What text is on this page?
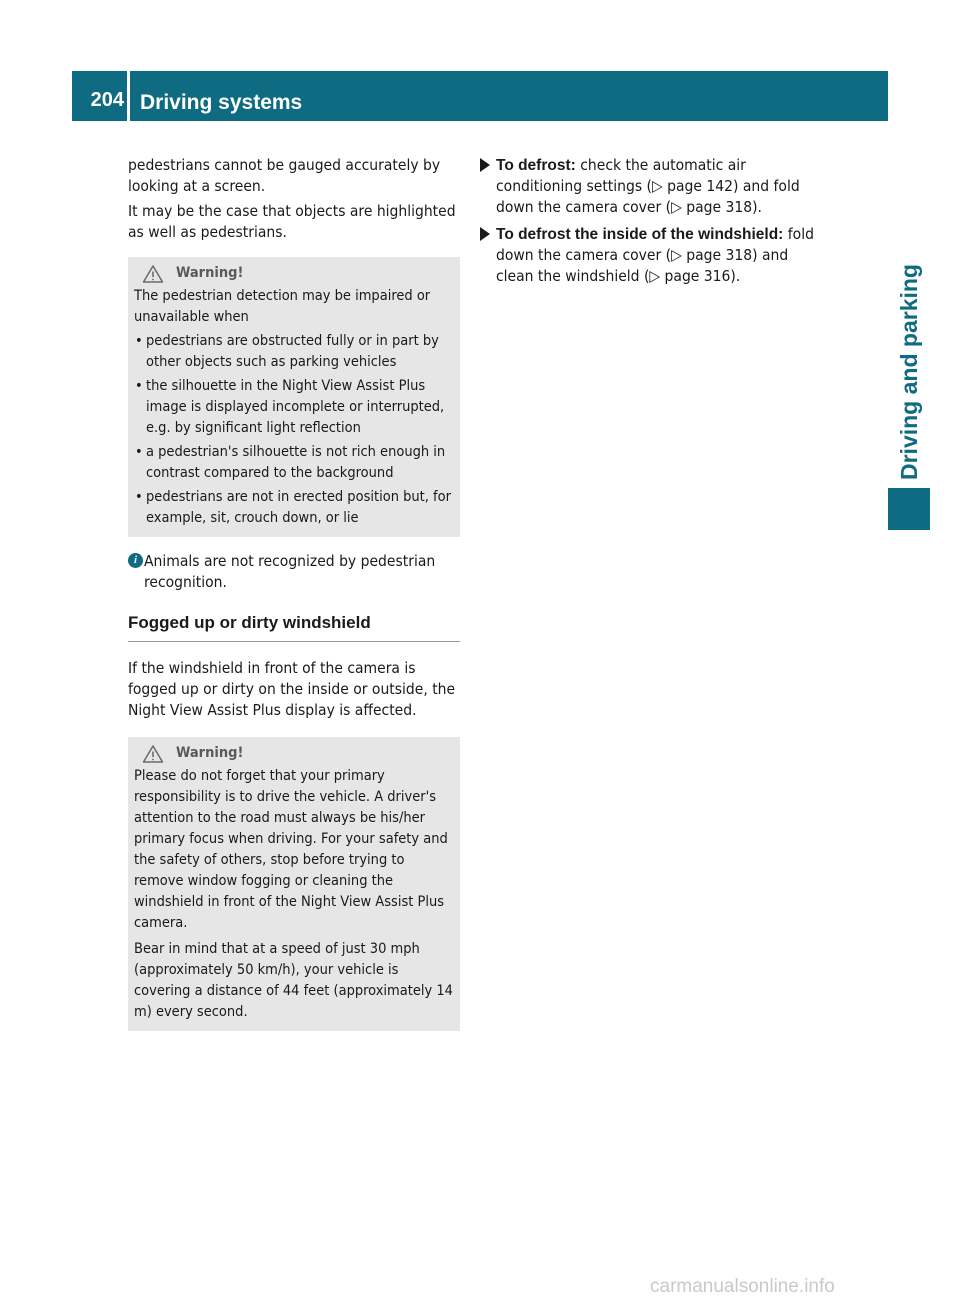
204 Driving systems
Driving and parking

pedestrians cannot be gauged accurately by looking at a screen.

It may be the case that objects are highlighted as well as pedestrians.

Warning!

The pedestrian detection may be impaired or unavailable when

• pedestrians are obstructed fully or in part by other objects such as parking vehicles

• the silhouette in the Night View Assist Plus image is displayed incomplete or interrupted, e.g. by significant light reflection

• a pedestrian's silhouette is not rich enough in contrast compared to the background

• pedestrians are not in erected position but, for example, sit, crouch down, or lie

i Animals are not recognized by pedestrian recognition.

Fogged up or dirty windshield

If the windshield in front of the camera is fogged up or dirty on the inside or outside, the Night View Assist Plus display is affected.

Warning!

Please do not forget that your primary responsibility is to drive the vehicle. A driver's attention to the road must always be his/her primary focus when driving. For your safety and the safety of others, stop before trying to remove window fogging or cleaning the windshield in front of the Night View Assist Plus camera.

Bear in mind that at a speed of just 30 mph (approximately 50 km/h), your vehicle is covering a distance of 44 feet (approximately 14 m) every second.

To defrost: check the automatic air conditioning settings (▷ page 142) and fold down the camera cover (▷ page 318).

To defrost the inside of the windshield: fold down the camera cover (▷ page 318) and clean the windshield (▷ page 316).

carmanualsonline.info
